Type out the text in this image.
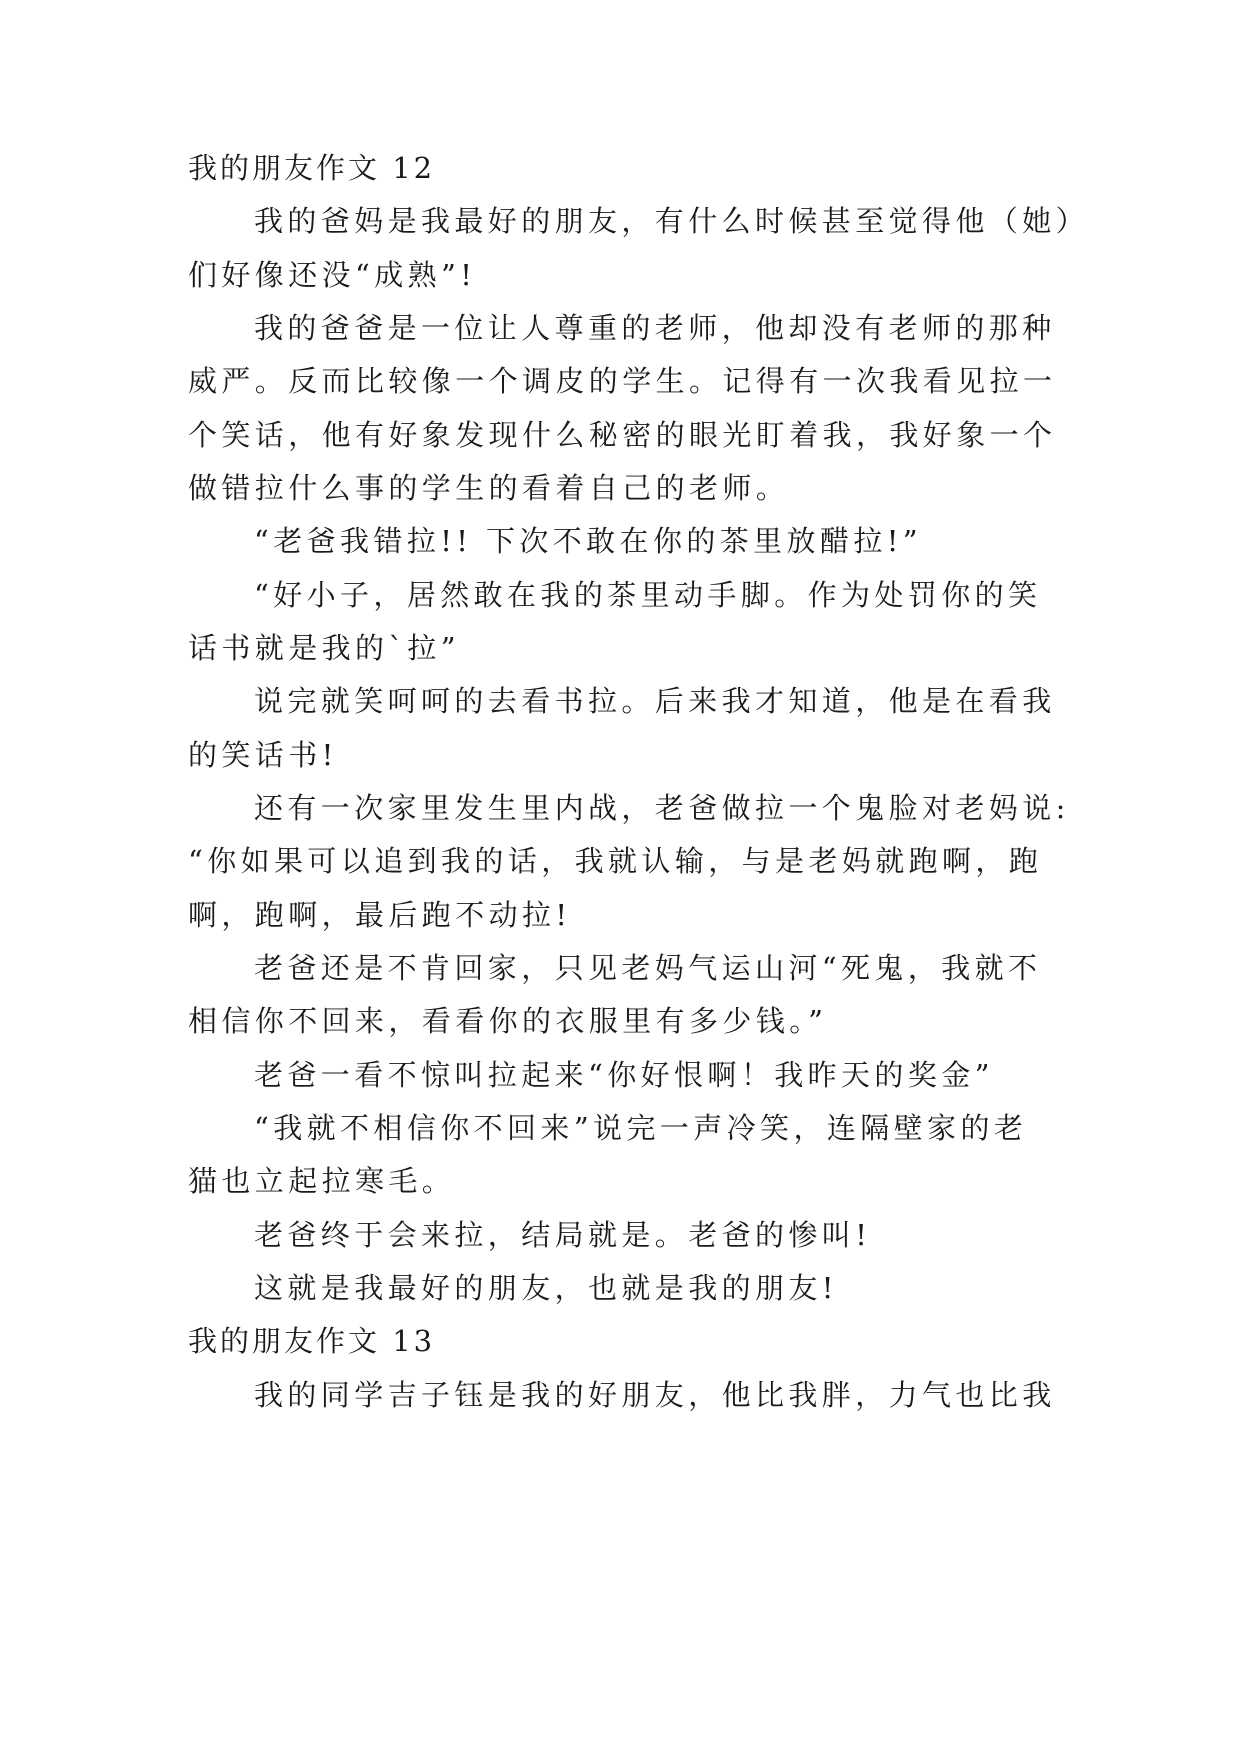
我的朋友作文 12
我的爸妈是我最好的朋友，有什么时候甚至觉得他（她）
们好像还没“成熟”!
我的爸爸是一位让人尊重的老师，他却没有老师的那种
威严。反而比较像一个调皮的学生。记得有一次我看见拉一
个笑话，他有好象发现什么秘密的眼光盯着我，我好象一个
做错拉什么事的学生的看着自己的老师。
“老爸我错拉!! 下次不敢在你的茶里放醋拉!”
“好小子，居然敢在我的茶里动手脚。作为处罚你的笑
话书就是我的`拉”
说完就笑呵呵的去看书拉。后来我才知道，他是在看我
的笑话书!
还有一次家里发生里内战，老爸做拉一个鬼脸对老妈说:
“你如果可以追到我的话，我就认输，与是老妈就跑啊，跑
啊，跑啊，最后跑不动拉!
老爸还是不肯回家，只见老妈气运山河“死鬼，我就不
相信你不回来，看看你的衣服里有多少钱。”
老爸一看不惊叫拉起来“你好恨啊！我昨天的奖金”
“我就不相信你不回来”说完一声冷笑，连隔壁家的老
猫也立起拉寒毛。
老爸终于会来拉，结局就是。老爸的惨叫!
这就是我最好的朋友，也就是我的朋友!
我的朋友作文 13
我的同学吉子钰是我的好朋友，他比我胖，力气也比我
